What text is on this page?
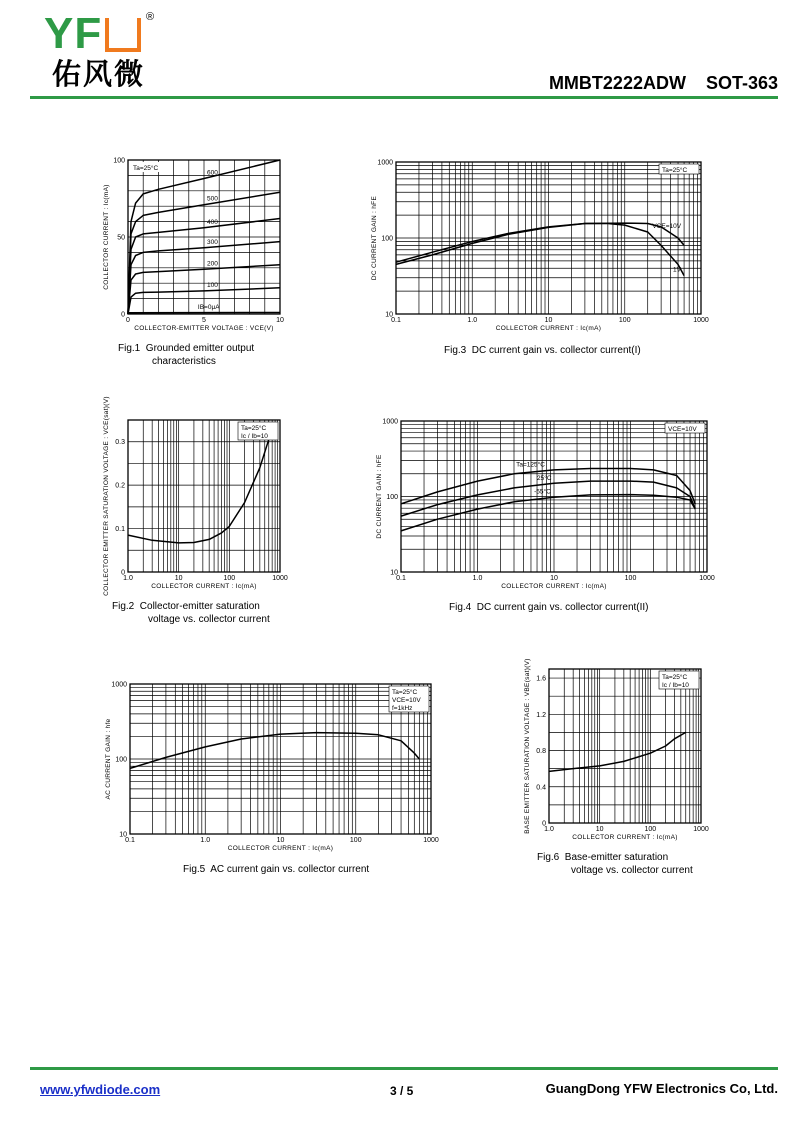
YF	®
佑风微	MMBT2222ADW SOT-363
0	5	10
0
50
100
COLLECTOR-EMITTER VOLTAGE : VCE(V)
COLLECTOR CURRENT : Ic(mA)
600
500
400
300
200
100
IB=0μA
Ta=25°C
0.1	1.0	10	100	1000
10
100
1000
COLLECTOR CURRENT : Ic(mA)
DC CURRENT GAIN : hFE	VCE=10V
1V
Ta=25°C
1.0	10	100	1000
0
0.1
0.2
0.3
COLLECTOR CURRENT : Ic(mA)
COLLECTOR EMITTER SATURATION VOLTAGE : VCE(sat)(V)	Ta=25°C
Ic / Ib=10
0.1	1.0	10	100	1000
10
100
1000
COLLECTOR CURRENT : Ic(mA)
DC CURRENT GAIN : hFE	Ta=125°C
25°C
-55°C
VCE=10V
0.1	1.0	10	100	1000
10
100
1000
COLLECTOR CURRENT : Ic(mA)
AC CURRENT GAIN : hfe
Ta=25°C
VCE=10V
f=1kHz
1.0	10	100	1000
0
0.4
0.8
1.2
1.6
COLLECTOR CURRENT : Ic(mA)
BASE EMITTER SATURATION VOLTAGE : VBE(sat)(V)	Ta=25°C
Ic / Ib=10
Fig.1  Grounded emitter output
characteristics
Fig.3  DC current gain vs. collector current(I)
Fig.2  Collector-emitter saturation
voltage vs. collector current
Fig.4  DC current gain vs. collector current(II)
Fig.5  AC current gain vs. collector current
Fig.6  Base-emitter saturation
voltage vs. collector current
www.yfwdiode.com	3 / 5	GuangDong YFW Electronics Co, Ltd.
